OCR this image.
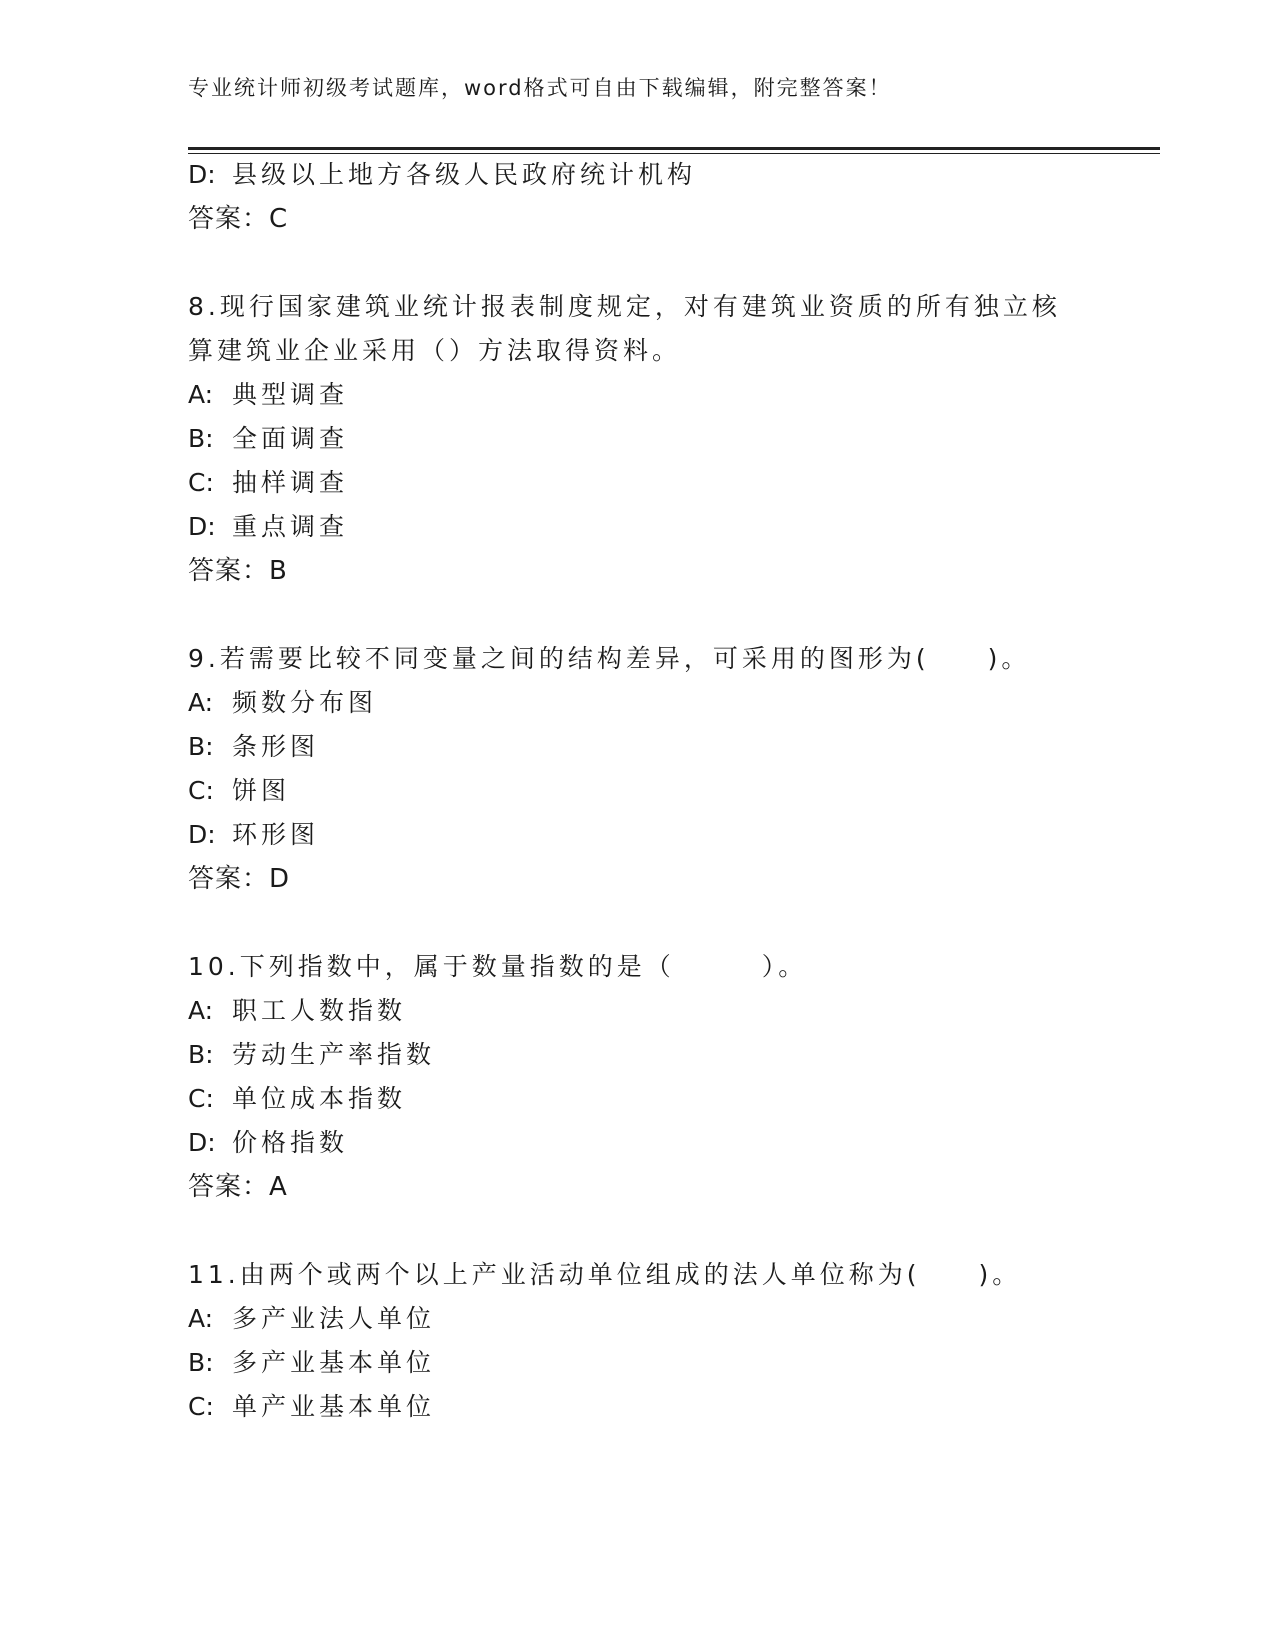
专业统计师初级考试题库，word格式可自由下载编辑，附完整答案！
D: 县级以上地方各级人民政府统计机构
答案：C
8.现行国家建筑业统计报表制度规定，对有建筑业资质的所有独立核
算建筑业企业采用（）方法取得资料。
A: 典型调查
B: 全面调查
C: 抽样调查
D: 重点调查
答案：B
9.若需要比较不同变量之间的结构差异，可采用的图形为(　　)。
A: 频数分布图
B: 条形图
C: 饼图
D: 环形图
答案：D
10.下列指数中，属于数量指数的是（　　　）。
A: 职工人数指数
B: 劳动生产率指数
C: 单位成本指数
D: 价格指数
答案：A
11.由两个或两个以上产业活动单位组成的法人单位称为(　　)。
A: 多产业法人单位
B: 多产业基本单位
C: 单产业基本单位
